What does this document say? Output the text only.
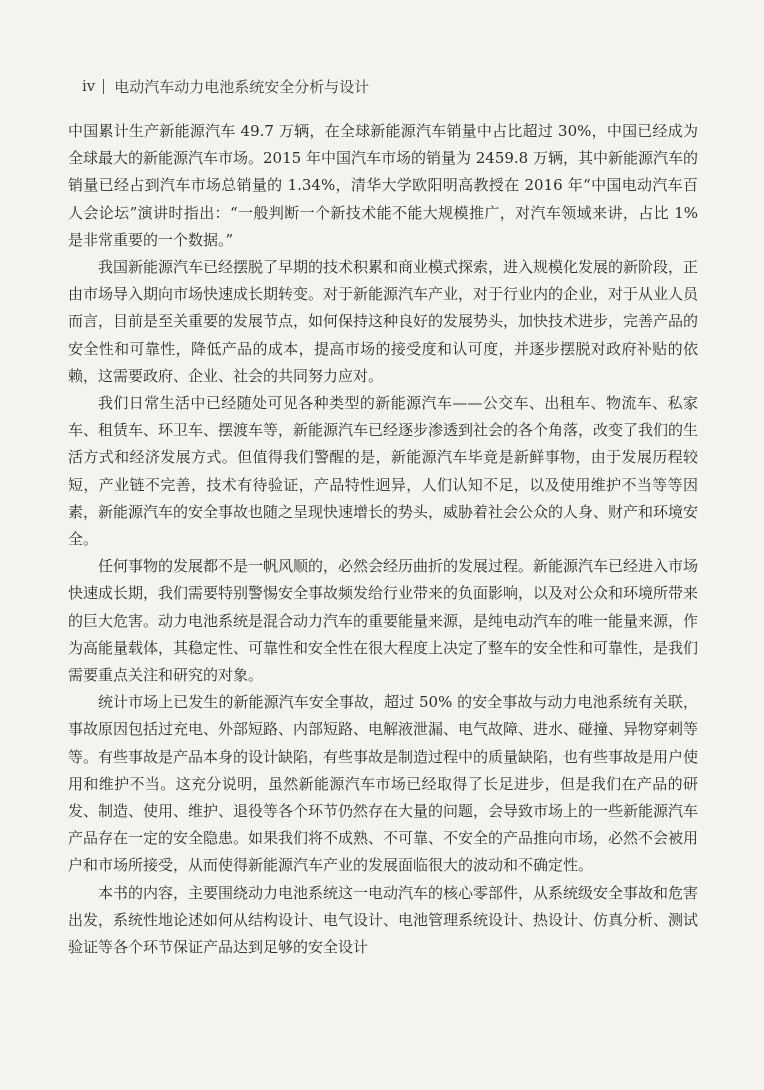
iv 电动汽车动力电池系统安全分析与设计

中国累计生产新能源汽车 49.7 万辆，在全球新能源汽车销量中占比超过 30%，中国已经成为全球最大的新能源汽车市场。2015 年中国汽车市场的销量为 2459.8 万辆，其中新能源汽车的销量已经占到汽车市场总销量的 1.34%，清华大学欧阳明高教授在 2016 年“中国电动汽车百人会论坛”演讲时指出：“一般判断一个新技术能不能大规模推广，对汽车领域来讲，占比 1% 是非常重要的一个数据。”

我国新能源汽车已经摆脱了早期的技术积累和商业模式探索，进入规模化发展的新阶段，正由市场导入期向市场快速成长期转变。对于新能源汽车产业，对于行业内的企业，对于从业人员而言，目前是至关重要的发展节点，如何保持这种良好的发展势头，加快技术进步，完善产品的安全性和可靠性，降低产品的成本，提高市场的接受度和认可度，并逐步摆脱对政府补贴的依赖，这需要政府、企业、社会的共同努力应对。

我们日常生活中已经随处可见各种类型的新能源汽车——公交车、出租车、物流车、私家车、租赁车、环卫车、摆渡车等，新能源汽车已经逐步渗透到社会的各个角落，改变了我们的生活方式和经济发展方式。但值得我们警醒的是，新能源汽车毕竟是新鲜事物，由于发展历程较短，产业链不完善，技术有待验证，产品特性迥异，人们认知不足，以及使用维护不当等等因素，新能源汽车的安全事故也随之呈现快速增长的势头，威胁着社会公众的人身、财产和环境安全。

任何事物的发展都不是一帆风顺的，必然会经历曲折的发展过程。新能源汽车已经进入市场快速成长期，我们需要特别警惕安全事故频发给行业带来的负面影响，以及对公众和环境所带来的巨大危害。动力电池系统是混合动力汽车的重要能量来源，是纯电动汽车的唯一能量来源，作为高能量载体，其稳定性、可靠性和安全性在很大程度上决定了整车的安全性和可靠性，是我们需要重点关注和研究的对象。

统计市场上已发生的新能源汽车安全事故，超过 50% 的安全事故与动力电池系统有关联，事故原因包括过充电、外部短路、内部短路、电解液泄漏、电气故障、进水、碰撞、异物穿刺等等。有些事故是产品本身的设计缺陷，有些事故是制造过程中的质量缺陷，也有些事故是用户使用和维护不当。这充分说明，虽然新能源汽车市场已经取得了长足进步，但是我们在产品的研发、制造、使用、维护、退役等各个环节仍然存在大量的问题，会导致市场上的一些新能源汽车产品存在一定的安全隐患。如果我们将不成熟、不可靠、不安全的产品推向市场，必然不会被用户和市场所接受，从而使得新能源汽车产业的发展面临很大的波动和不确定性。

本书的内容，主要围绕动力电池系统这一电动汽车的核心零部件，从系统级安全事故和危害出发，系统性地论述如何从结构设计、电气设计、电池管理系统设计、热设计、仿真分析、测试验证等各个环节保证产品达到足够的安全设计
